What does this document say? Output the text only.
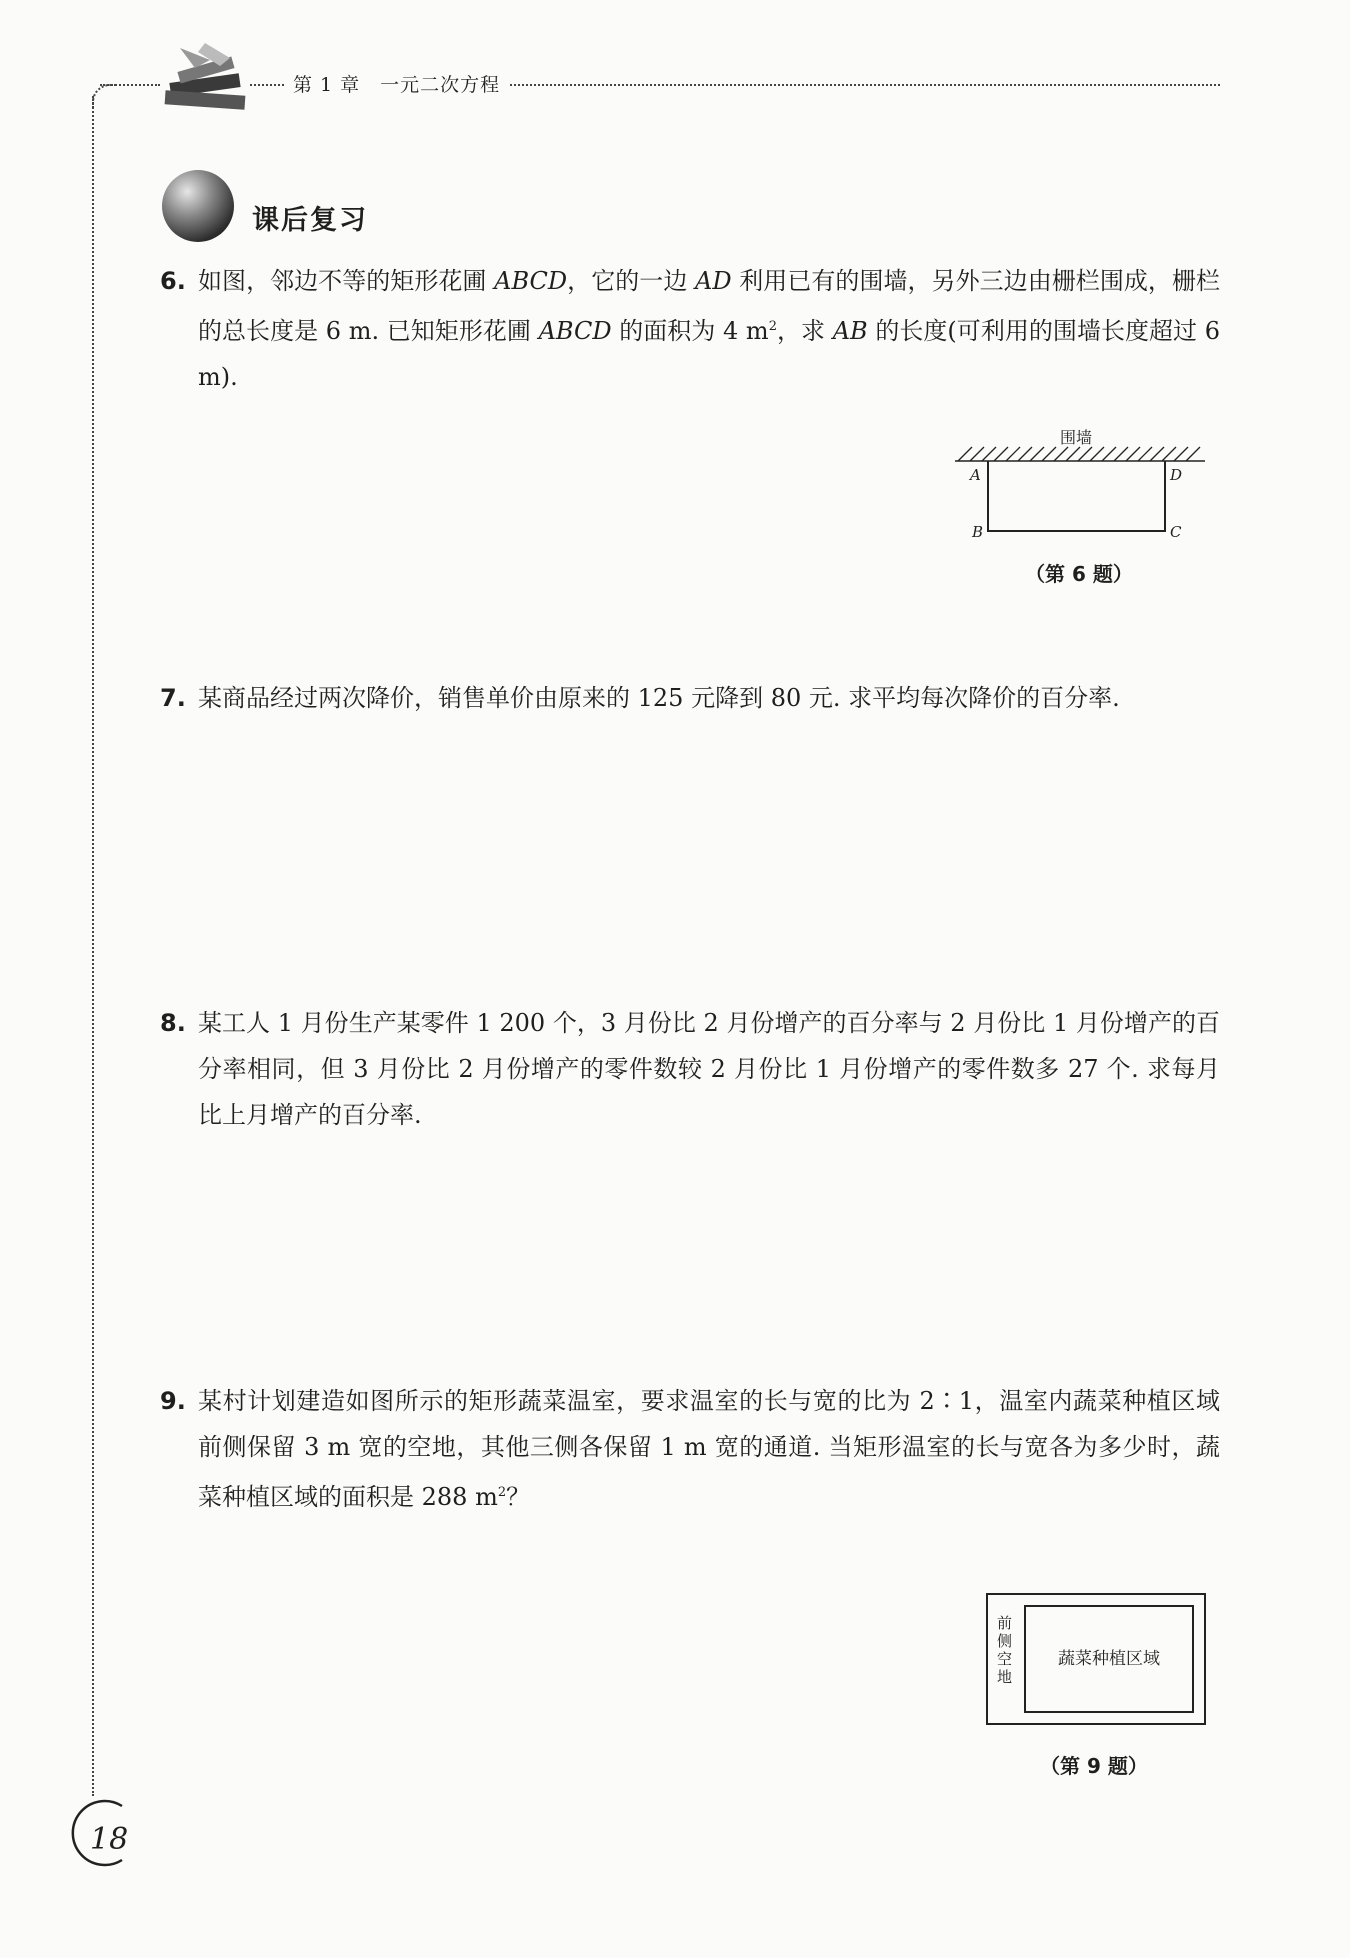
第 1 章　一元二次方程
课后复习
6. 如图，邻边不等的矩形花圃 ABCD，它的一边 AD 利用已有的围墙，另外三边由栅栏围成，栅栏的总长度是 6 m. 已知矩形花圃 ABCD 的面积为 4 $m^2$，求 AB 的长度(可利用的围墙长度超过 6 m).
围墙
A	D
B	C
（第 6 题）
7. 某商品经过两次降价，销售单价由原来的 125 元降到 80 元. 求平均每次降价的百分率.
8. 某工人 1 月份生产某零件 1 200 个，3 月份比 2 月份增产的百分率与 2 月份比 1 月份增产的百分率相同，但 3 月份比 2 月份增产的零件数较 2 月份比 1 月份增产的零件数多 27 个. 求每月比上月增产的百分率.
9. 某村计划建造如图所示的矩形蔬菜温室，要求温室的长与宽的比为 2∶1，温室内蔬菜种植区域前侧保留 3 m 宽的空地，其他三侧各保留 1 m 宽的通道. 当矩形温室的长与宽各为多少时，蔬菜种植区域的面积是 288 $m^2$？
前 侧 空 地
蔬菜种植区域
（第 9 题）
18
